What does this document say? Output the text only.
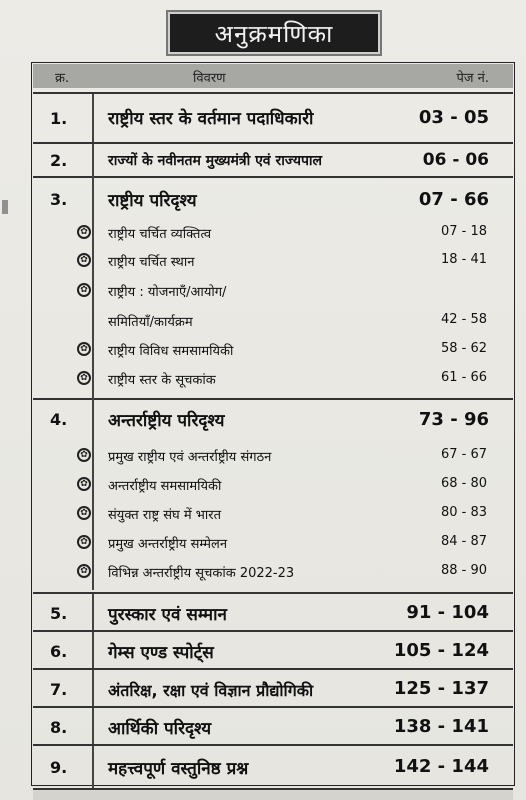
अनुक्रमणिका
क्र.	विवरण	पेज नं.
1. राष्ट्रीय स्तर के वर्तमान पदाधिकारी	03 - 05
2.	राज्यों के नवीनतम मुख्यमंत्री एवं राज्यपाल	06 - 06
3. राष्ट्रीय परिदृश्य	07 - 66
✿ राष्ट्रीय चर्चित व्यक्तित्व	07 - 18
✿ राष्ट्रीय चर्चित स्थान	18 - 41
✿ राष्ट्रीय : योजनाएँ/आयोग/
समितियाँ/कार्यक्रम	42 - 58
✿ राष्ट्रीय विविध समसामयिकी	58 - 62
✿ राष्ट्रीय स्तर के सूचकांक	61 - 66
4. अन्तर्राष्ट्रीय परिदृश्य	73 - 96
✿ प्रमुख राष्ट्रीय एवं अन्तर्राष्ट्रीय संगठन	67 - 67
✿ अन्तर्राष्ट्रीय समसामयिकी	68 - 80
✿ संयुक्त राष्ट्र संघ में भारत	80 - 83
✿ प्रमुख अन्तर्राष्ट्रीय सम्मेलन	84 - 87
✿ विभिन्न अन्तर्राष्ट्रीय सूचकांक 2022-23	88 - 90
5. पुरस्कार एवं सम्मान	91 - 104
6. गेम्स एण्ड स्पोर्ट्स	105 - 124
7.	अंतरिक्ष, रक्षा एवं विज्ञान प्रौद्योगिकी	125 - 137
8. आर्थिकी परिदृश्य	138 - 141
9. महत्त्वपूर्ण वस्तुनिष्ठ प्रश्न	142 - 144
